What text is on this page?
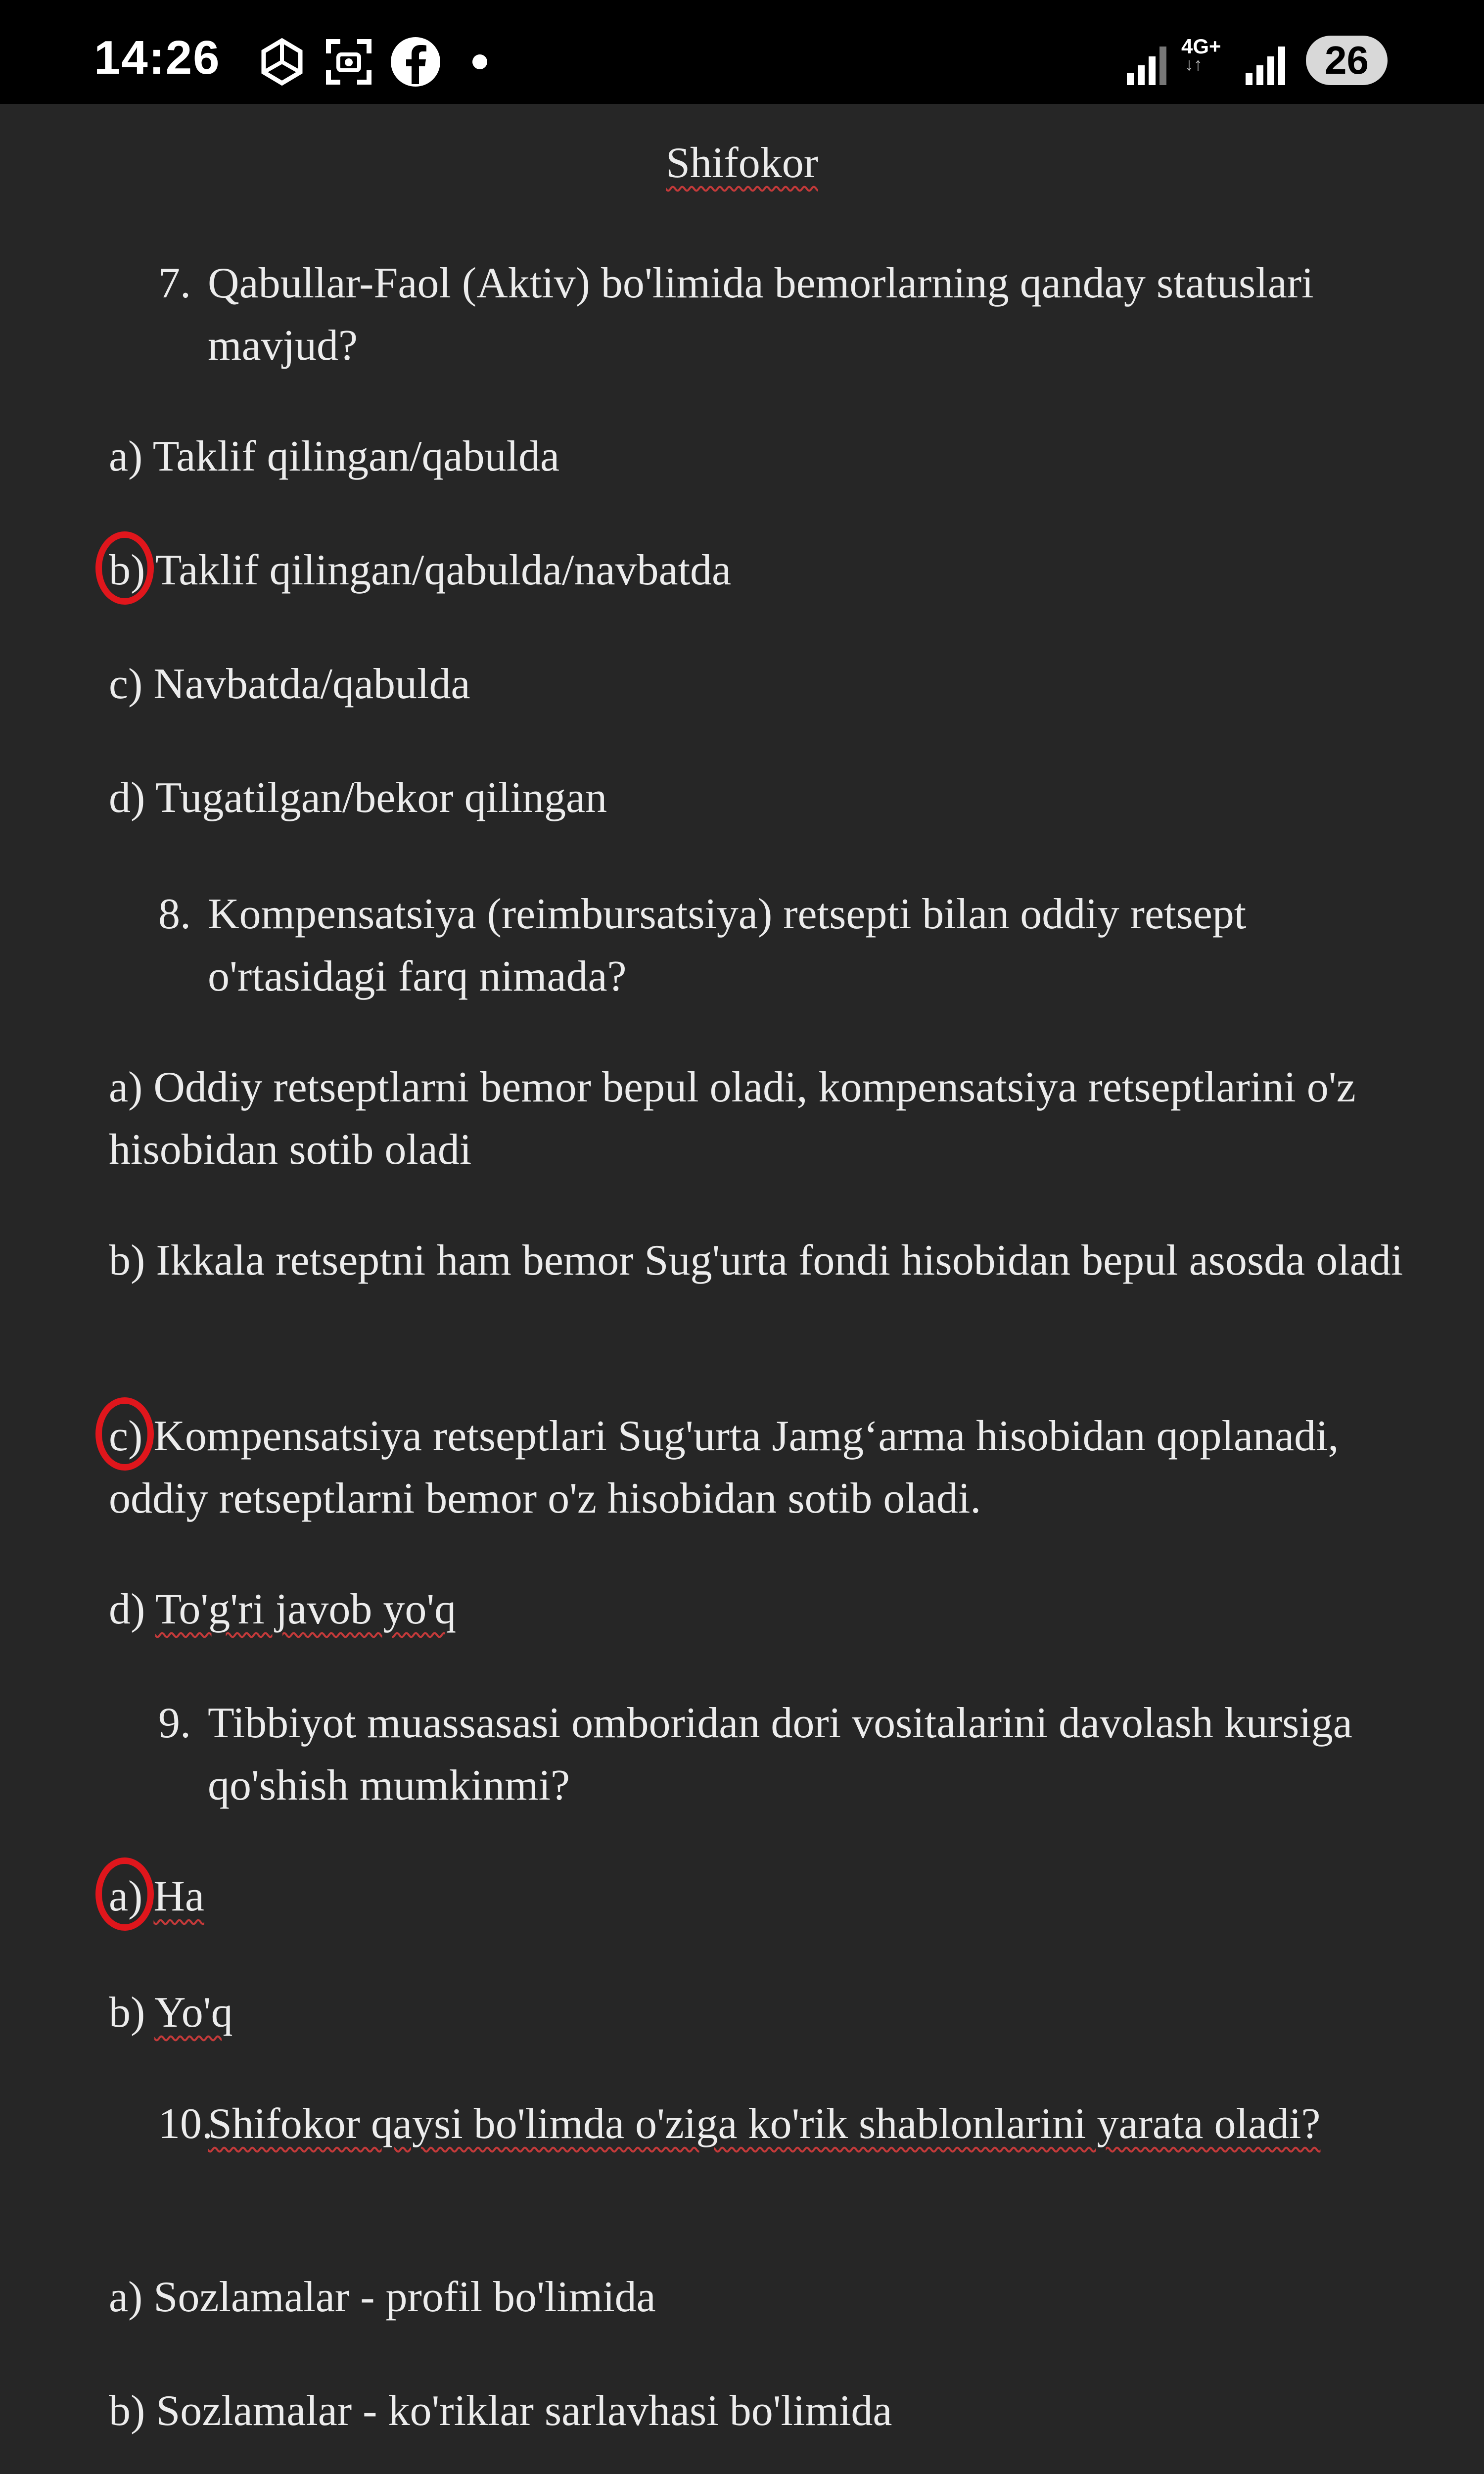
14:26	4G+
↓↑	26
Shifokor
7. Qabullar-Faol (Aktiv) bo'limida bemorlarning qanday statuslari mavjud?
a) Taklif qilingan/qabulda
b) Taklif qilingan/qabulda/navbatda
c) Navbatda/qabulda
d) Tugatilgan/bekor qilingan
8. Kompensatsiya (reimbursatsiya) retsepti bilan oddiy retsept o'rtasidagi farq nimada?
a) Oddiy retseptlarni bemor bepul oladi, kompensatsiya retseptlarini o'z hisobidan sotib oladi
b) Ikkala retseptni ham bemor Sug'urta fondi hisobidan bepul asosda oladi
c) Kompensatsiya retseptlari Sug'urta Jamg‘arma hisobidan qoplanadi, oddiy retseptlarni bemor o'z hisobidan sotib oladi.
d) To'g'ri javob yo'q
9. Tibbiyot muassasasi omboridan dori vositalarini davolash kursiga qo'shish mumkinmi?
a) Ha
b) Yo'q
10.
Shifokor qaysi bo'limda o'ziga ko'rik shablonlarini yarata oladi?
a) Sozlamalar - profil bo'limida
b) Sozlamalar - ko'riklar sarlavhasi bo'limida
